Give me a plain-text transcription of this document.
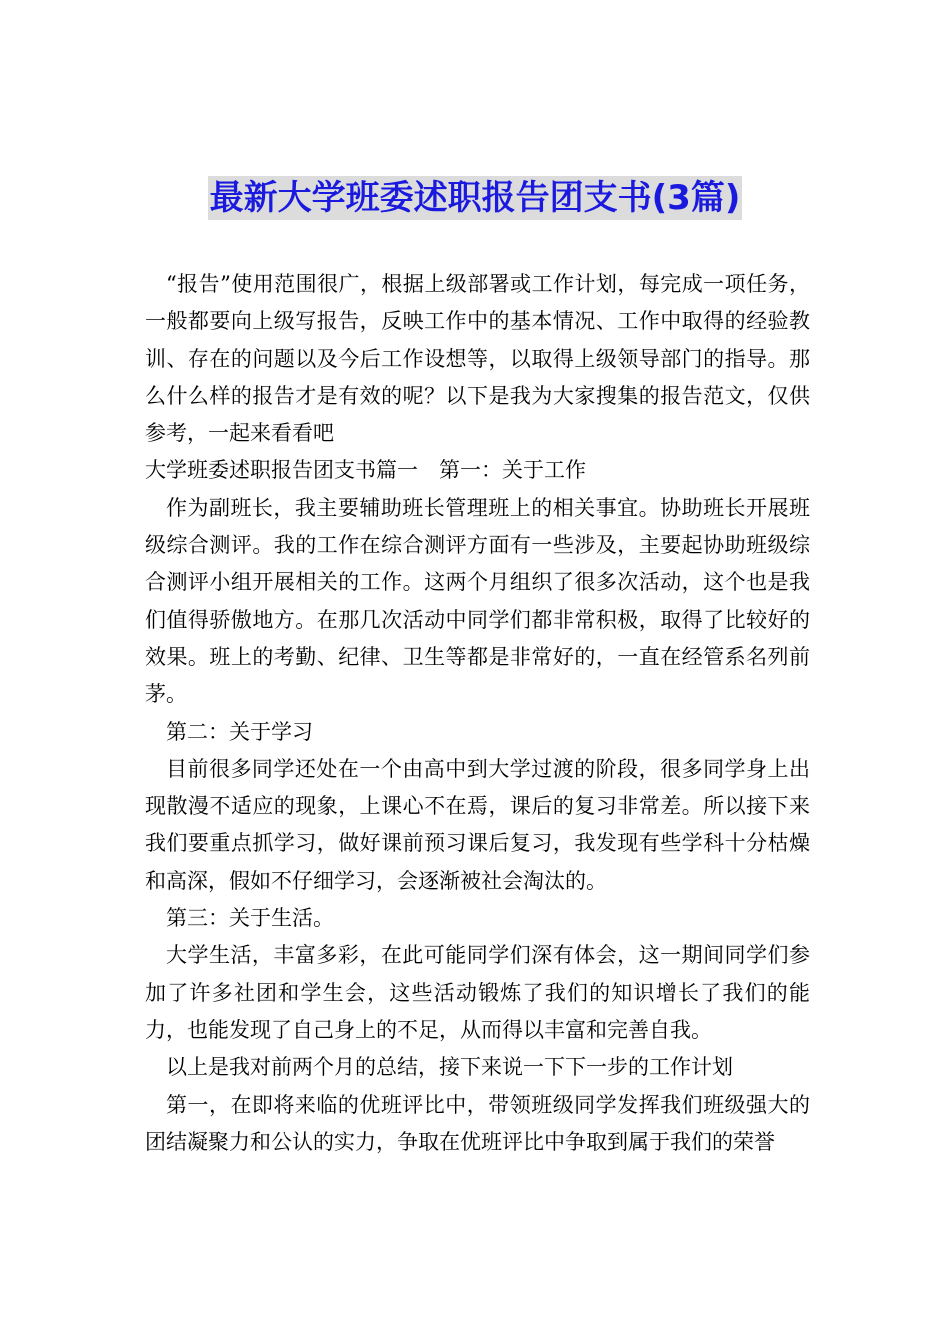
最新大学班委述职报告团支书(3篇)

“报告”使用范围很广，根据上级部署或工作计划，每完成一项任务，一般都要向上级写报告，反映工作中的基本情况、工作中取得的经验教训、存在的问题以及今后工作设想等，以取得上级领导部门的指导。那么什么样的报告才是有效的呢？以下是我为大家搜集的报告范文，仅供参考，一起来看看吧

大学班委述职报告团支书篇一　第一：关于工作

作为副班长，我主要辅助班长管理班上的相关事宜。协助班长开展班级综合测评。我的工作在综合测评方面有一些涉及，主要起协助班级综合测评小组开展相关的工作。这两个月组织了很多次活动，这个也是我们值得骄傲地方。在那几次活动中同学们都非常积极，取得了比较好的效果。班上的考勤、纪律、卫生等都是非常好的，一直在经管系名列前茅。

第二：关于学习

目前很多同学还处在一个由高中到大学过渡的阶段，很多同学身上出现散漫不适应的现象，上课心不在焉，课后的复习非常差。所以接下来我们要重点抓学习，做好课前预习课后复习，我发现有些学科十分枯燥和高深，假如不仔细学习，会逐渐被社会淘汰的。

第三：关于生活。

大学生活，丰富多彩，在此可能同学们深有体会，这一期间同学们参加了许多社团和学生会，这些活动锻炼了我们的知识增长了我们的能力，也能发现了自己身上的不足，从而得以丰富和完善自我。

以上是我对前两个月的总结，接下来说一下下一步的工作计划

第一，在即将来临的优班评比中，带领班级同学发挥我们班级强大的团结凝聚力和公认的实力，争取在优班评比中争取到属于我们的荣誉
